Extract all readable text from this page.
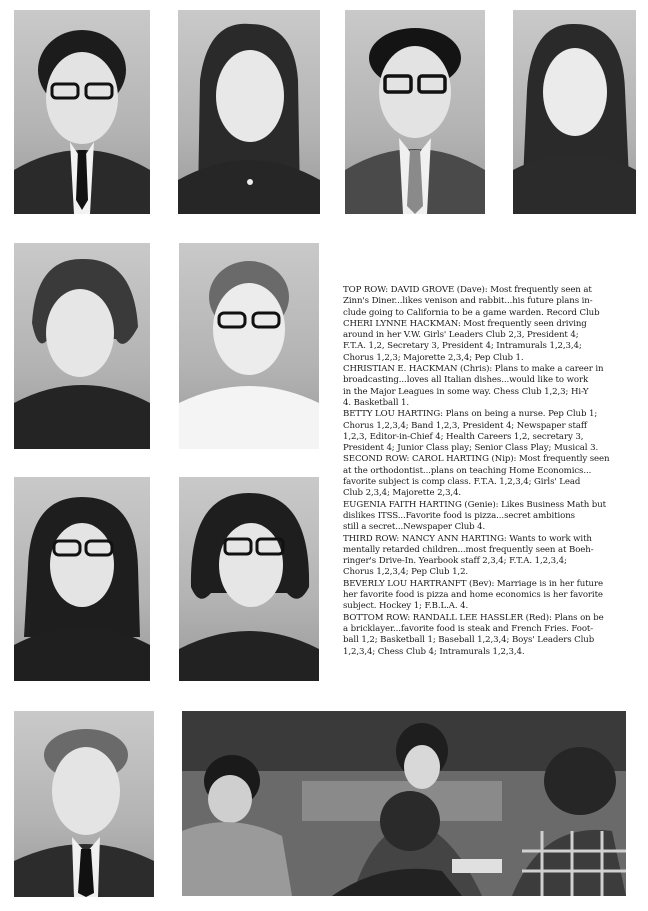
TOP ROW: DAVID GROVE (Dave): Most frequently seen at

Zinn's Diner...likes venison and rabbit...his future plans in-

clude going to California to be a game warden. Record Club

CHERI LYNNE HACKMAN: Most frequently seen driving

around in her V.W. Girls' Leaders Club 2,3, President 4;

F.T.A. 1,2, Secretary 3, President 4; Intramurals 1,2,3,4;

Chorus 1,2,3; Majorette 2,3,4; Pep Club 1.

CHRISTIAN E. HACKMAN (Chris): Plans to make a career in

broadcasting...loves all Italian dishes...would like to work

in the Major Leagues in some way. Chess Club 1,2,3; Hi-Y

4. Basketball 1.

BETTY LOU HARTING: Plans on being a nurse. Pep Club 1;

Chorus 1,2,3,4; Band 1,2,3, President 4; Newspaper staff

1,2,3, Editor-in-Chief 4; Health Careers 1,2, secretary 3,

President 4; Junior Class play; Senior Class Play; Musical 3.

SECOND ROW: CAROL HARTING (Nip): Most frequently seen

at the orthodontist...plans on teaching Home Economics...

favorite subject is comp class. F.T.A. 1,2,3,4; Girls' Lead

Club 2,3,4; Majorette 2,3,4.

EUGENIA FAITH HARTING (Genie): Likes Business Math but

dislikes ITSS...Favorite food is pizza...secret ambitions

still a secret...Newspaper Club 4.

THIRD ROW: NANCY ANN HARTING: Wants to work with

mentally retarded children...most frequently seen at Boeh-

ringer's Drive-In. Yearbook staff 2,3,4; F.T.A. 1,2,3,4;

Chorus 1,2,3,4; Pep Club 1,2.

BEVERLY LOU HARTRANFT (Bev): Marriage is in her future

her favorite food is pizza and home economics is her favorite

subject. Hockey 1; F.B.L.A. 4.

BOTTOM ROW: RANDALL LEE HASSLER (Red): Plans on be

a bricklayer...favorite food is steak and French Fries. Foot-

ball 1,2; Basketball 1; Baseball 1,2,3,4; Boys' Leaders Club

1,2,3,4; Chess Club 4; Intramurals 1,2,3,4.
